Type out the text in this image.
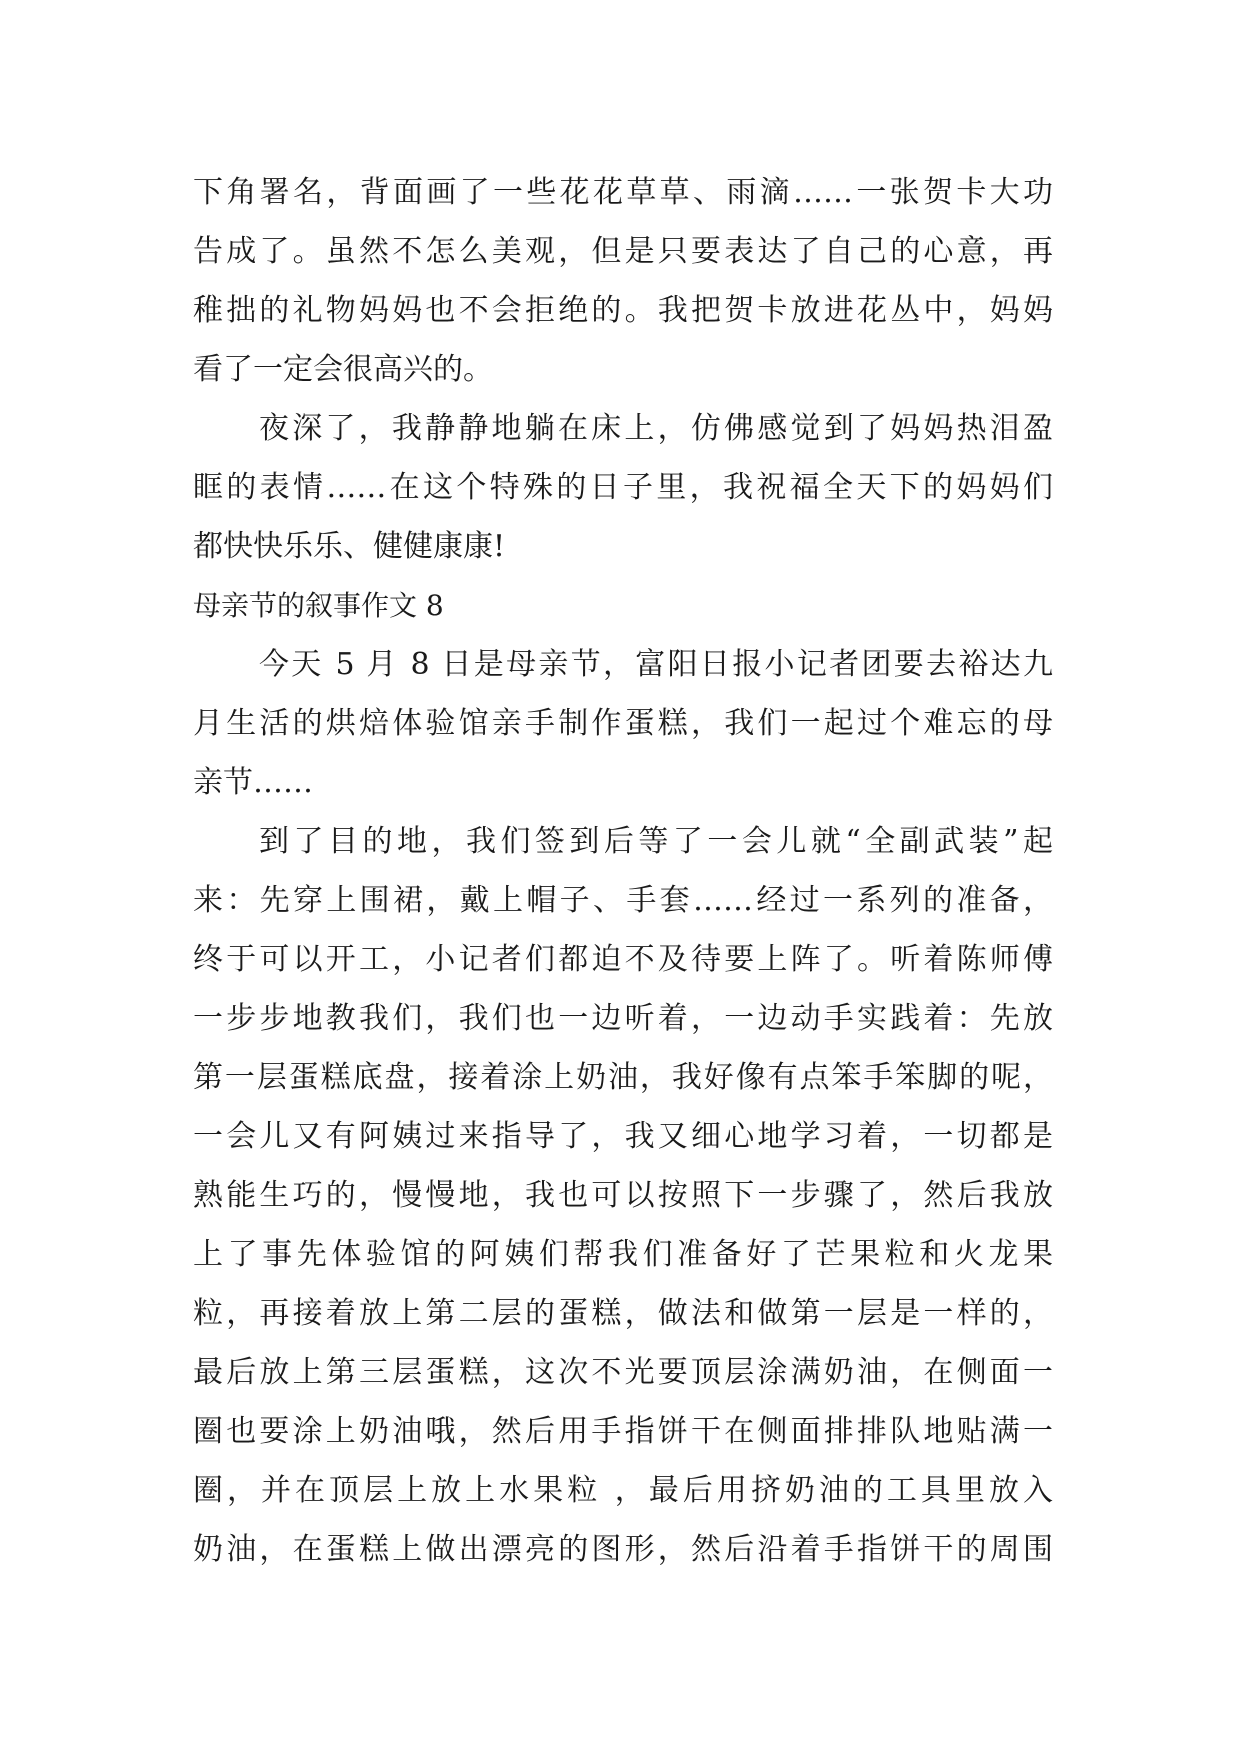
下角署名，背面画了一些花花草草、雨滴……一张贺卡大功
告成了。虽然不怎么美观，但是只要表达了自己的心意，再
稚拙的礼物妈妈也不会拒绝的。我把贺卡放进花丛中，妈妈
看了一定会很高兴的。
夜深了，我静静地躺在床上，仿佛感觉到了妈妈热泪盈
眶的表情……在这个特殊的日子里，我祝福全天下的妈妈们
都快快乐乐、健健康康!
母亲节的叙事作文 8
今天 5 月 8 日是母亲节，富阳日报小记者团要去裕达九
月生活的烘焙体验馆亲手制作蛋糕，我们一起过个难忘的母
亲节……
到了目的地，我们签到后等了一会儿就“全副武装”起
来：先穿上围裙，戴上帽子、手套……经过一系列的准备，
终于可以开工，小记者们都迫不及待要上阵了。听着陈师傅
一步步地教我们，我们也一边听着，一边动手实践着：先放
第一层蛋糕底盘，接着涂上奶油，我好像有点笨手笨脚的呢，
一会儿又有阿姨过来指导了，我又细心地学习着，一切都是
熟能生巧的，慢慢地，我也可以按照下一步骤了，然后我放
上了事先体验馆的阿姨们帮我们准备好了芒果粒和火龙果
粒，再接着放上第二层的蛋糕，做法和做第一层是一样的，
最后放上第三层蛋糕，这次不光要顶层涂满奶油，在侧面一
圈也要涂上奶油哦，然后用手指饼干在侧面排排队地贴满一
圈，并在顶层上放上水果粒 ，最后用挤奶油的工具里放入
奶油，在蛋糕上做出漂亮的图形，然后沿着手指饼干的周围
